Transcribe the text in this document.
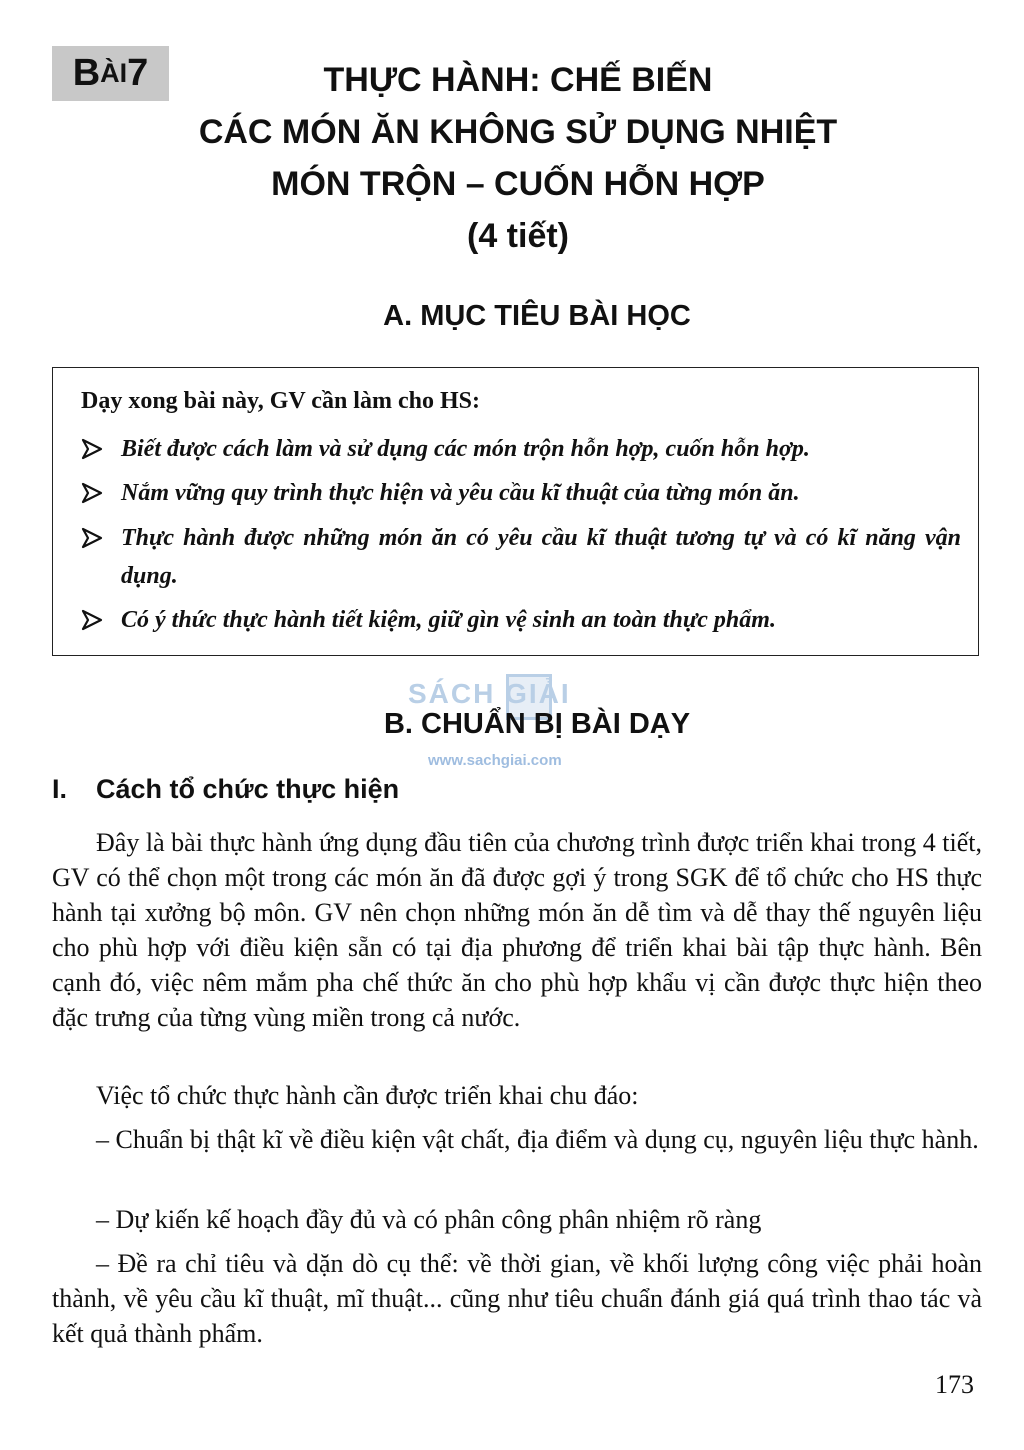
B ÀI 7	THỰC HÀNH: CHẾ BIẾN
CÁC MÓN ĂN KHÔNG SỬ DỤNG NHIỆT
MÓN TRỘN – CUỐN HỖN HỢP
(4 tiết)
A. MỤC TIÊU BÀI HỌC
Dạy xong bài này, GV cần làm cho HS:
Biết được cách làm và sử dụng các món trộn hỗn hợp, cuốn hỗn hợp.
Nắm vững quy trình thực hiện và yêu cầu kĩ thuật của từng món ăn.
Thực hành được những món ăn có yêu cầu kĩ thuật tương tự và có kĩ năng vận dụng.
Có ý thức thực hành tiết kiệm, giữ gìn vệ sinh an toàn thực phẩm.
SÁCH GIẢI
www.sachgiai.com
B. CHUẨN BỊ BÀI DẠY
I. Cách tổ chức thực hiện
Đây là bài thực hành ứng dụng đầu tiên của chương trình được triển khai trong 4 tiết, GV có thể chọn một trong các món ăn đã được gợi ý trong SGK để tổ chức cho HS thực hành tại xưởng bộ môn. GV nên chọn những món ăn dễ tìm và dễ thay thế nguyên liệu cho phù hợp với điều kiện sẵn có tại địa phương để triển khai bài tập thực hành. Bên cạnh đó, việc nêm mắm pha chế thức ăn cho phù hợp khẩu vị cần được thực hiện theo đặc trưng của từng vùng miền trong cả nước.
Việc tổ chức thực hành cần được triển khai chu đáo:
– Chuẩn bị thật kĩ về điều kiện vật chất, địa điểm và dụng cụ, nguyên liệu thực hành.
– Dự kiến kế hoạch đầy đủ và có phân công phân nhiệm rõ ràng
– Đề ra chỉ tiêu và dặn dò cụ thể: về thời gian, về khối lượng công việc phải hoàn thành, về yêu cầu kĩ thuật, mĩ thuật... cũng như tiêu chuẩn đánh giá quá trình thao tác và kết quả thành phẩm.
173
